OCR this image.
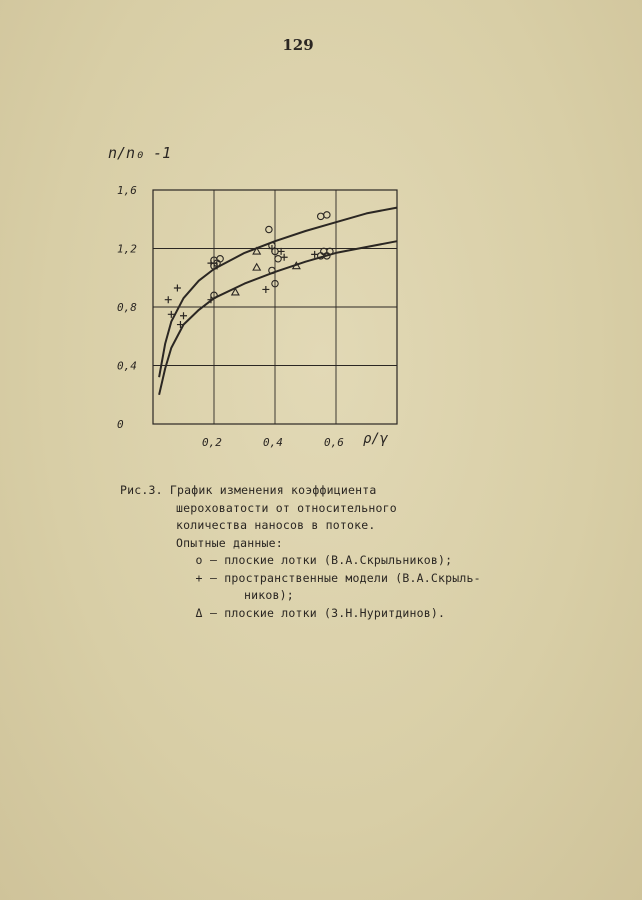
129
0
0,4
0,8
1,2
1,6
0,2	0,4	0,6
n/n₀ -1
ρ/γ
Рис.3. График изменения коэффициента
шероховатости от относительного
количества наносов в потоке.
Опытные данные:
о – плоские лотки (В.А.Скрыльников);
+ – пространственные модели (В.А.Скрыль-
ников);
Δ – плоские лотки (З.Н.Нуритдинов).
